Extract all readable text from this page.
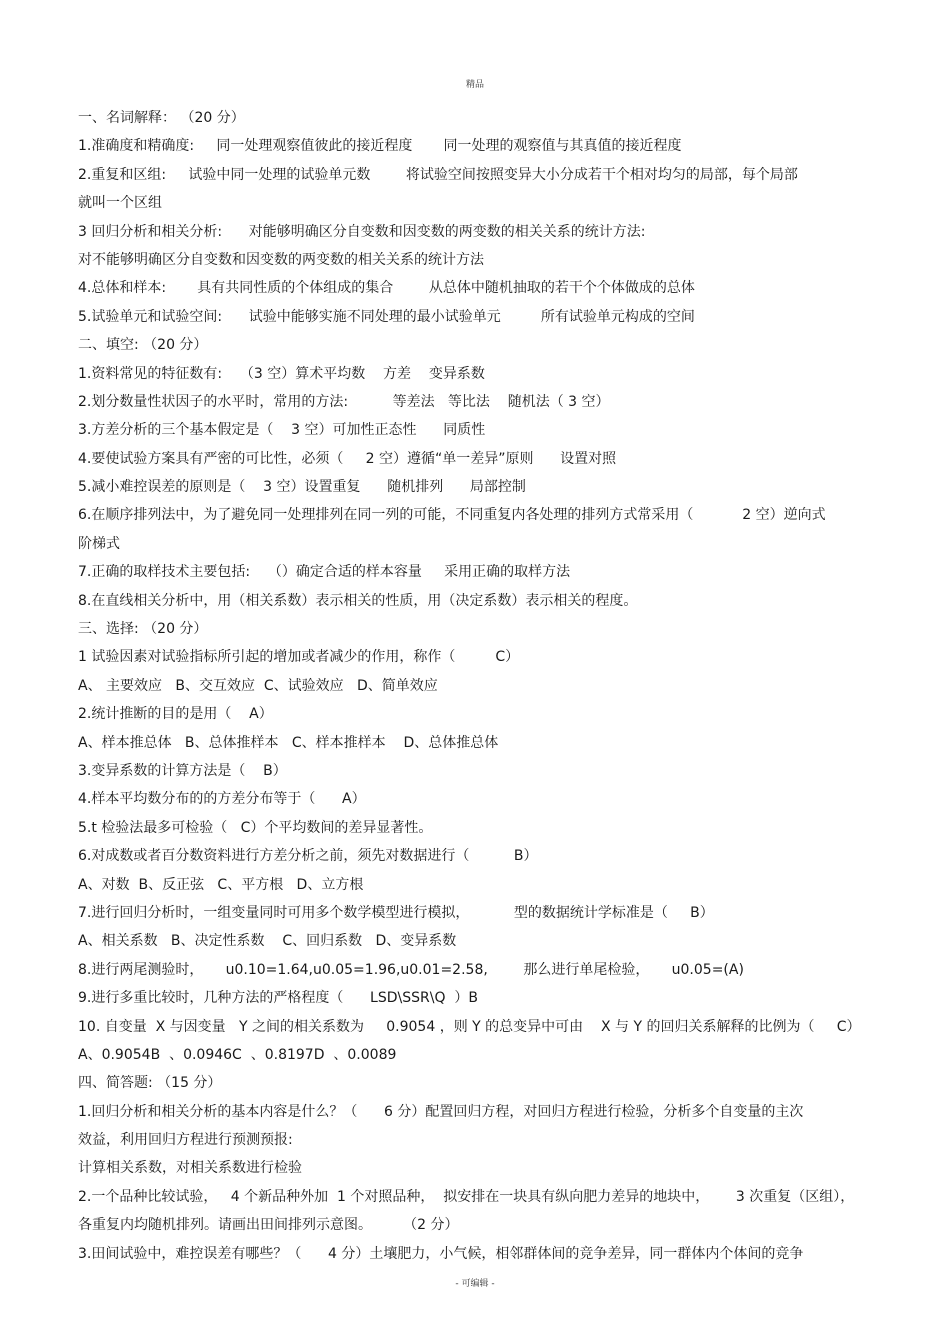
精品
一、名词解释： （20 分）
1.准确度和精确度:     同一处理观察值彼此的接近程度       同一处理的观察值与其真值的接近程度
2.重复和区组:     试验中同一处理的试验单元数        将试验空间按照变异大小分成若干个相对均匀的局部，每个局部
就叫一个区组
3 回归分析和相关分析:      对能够明确区分自变数和因变数的两变数的相关关系的统计方法:
对不能够明确区分自变数和因变数的两变数的相关关系的统计方法
4.总体和样本:       具有共同性质的个体组成的集合        从总体中随机抽取的若干个个体做成的总体
5.试验单元和试验空间:      试验中能够实施不同处理的最小试验单元         所有试验单元构成的空间
二、填空: （20 分）
1.资料常见的特征数有:    （3 空）算术平均数    方差    变异系数
2.划分数量性状因子的水平时，常用的方法:          等差法   等比法    随机法（ 3 空）
3.方差分析的三个基本假定是（    3 空）可加性正态性      同质性
4.要使试验方案具有严密的可比性，必须（     2 空）遵循“单一差异”原则      设置对照
5.减小难控误差的原则是（    3 空）设置重复      随机排列      局部控制
6.在顺序排列法中，为了避免同一处理排列在同一列的可能，不同重复内各处理的排列方式常采用（           2 空）逆向式
阶梯式
7.正确的取样技术主要包括:    （）确定合适的样本容量     采用正确的取样方法
8.在直线相关分析中，用（相关系数）表示相关的性质，用（决定系数）表示相关的程度。
三、选择: （20 分）
1 试验因素对试验指标所引起的增加或者减少的作用，称作（         C）
A、 主要效应   B、交互效应  C、试验效应   D、简单效应
2.统计推断的目的是用（    A）
A、样本推总体   B、总体推样本   C、样本推样本    D、总体推总体
3.变异系数的计算方法是（    B）
4.样本平均数分布的的方差分布等于（      A）
5.t 检验法最多可检验（   C）个平均数间的差异显著性。
6.对成数或者百分数资料进行方差分析之前，须先对数据进行（          B）
A、对数  B、反正弦   C、平方根   D、立方根
7.进行回归分析时，一组变量同时可用多个数学模型进行模拟，          型的数据统计学标准是（     B）
A、相关系数   B、决定性系数    C、回归系数   D、变异系数
8.进行两尾测验时，     u0.10=1.64,u0.05=1.96,u0.01=2.58,        那么进行单尾检验，     u0.05=(A)
9.进行多重比较时，几种方法的严格程度（      LSD\SSR\Q  ）B
10. 自变量  X 与因变量   Y 之间的相关系数为     0.9054 ，则 Y 的总变异中可由    X 与 Y 的回归关系解释的比例为（     C）
A、0.9054B  、0.0946C  、0.8197D  、0.0089
四、简答题: （15 分）
1.回归分析和相关分析的基本内容是什么？（      6 分）配置回归方程，对回归方程进行检验，分析多个自变量的主次
效益，利用回归方程进行预测预报:
计算相关系数，对相关系数进行检验
2.一个品种比较试验，   4 个新品种外加  1 个对照品种，  拟安排在一块具有纵向肥力差异的地块中，      3 次重复（区组），
各重复内均随机排列。请画出田间排列示意图。       （2 分）
3.田间试验中，难控误差有哪些？（      4 分）土壤肥力，小气候，相邻群体间的竞争差异，同一群体内个体间的竞争
- 可编辑 -
